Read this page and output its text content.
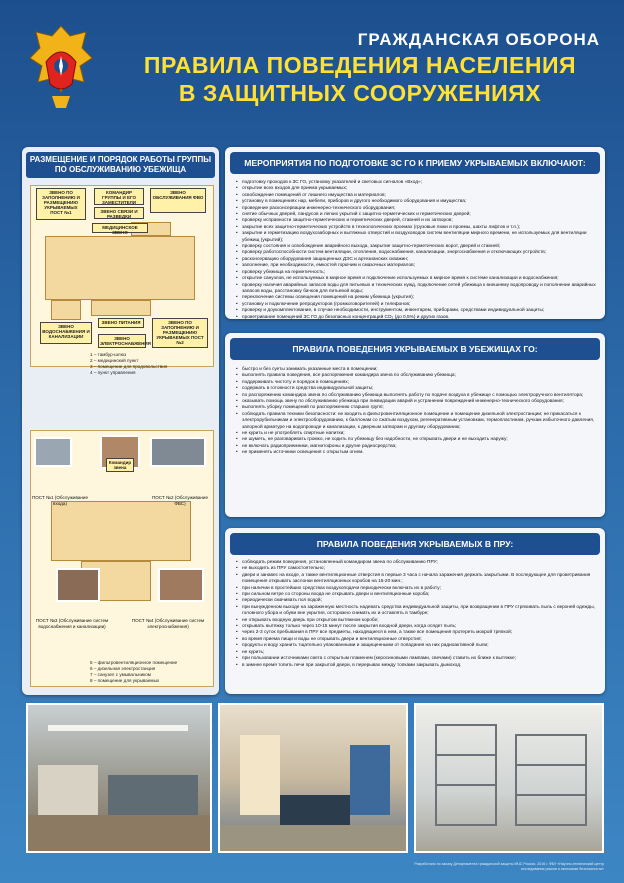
ГРАЖДАНСКАЯ ОБОРОНА
ПРАВИЛА ПОВЕДЕНИЯ НАСЕЛЕНИЯ
В ЗАЩИТНЫХ СООРУЖЕНИЯХ
РАЗМЕЩЕНИЕ И ПОРЯДОК РАБОТЫ ГРУППЫ ПО ОБСЛУЖИВАНИЮ УБЕЖИЩА
ЗВЕНО ПО ЗАПОЛНЕНИЮ И РАЗМЕЩЕНИЮ УКРЫВАЕМЫХ ПОСТ №1
КОМАНДИР ГРУППЫ И ЕГО ЗАМЕСТИТЕЛИ
ЗВЕНО СВЯЗИ И РАЗВЕДКИ
ЗВЕНО ОБСЛУЖИВАНИЯ ФВО
МЕДИЦИНСКОЕ ЗВЕНО
ЗВЕНО ВОДОСНАБЖЕНИЯ И КАНАЛИЗАЦИИ
ЗВЕНО ПИТАНИЯ
ЗВЕНО ЭЛЕКТРОСНАБЖЕНИЯ
ЗВЕНО ПО ЗАПОЛНЕНИЮ И РАЗМЕЩЕНИЮ УКРЫВАЕМЫХ ПОСТ №2
1 – тамбур-шлюз
2 – медицинский пункт
3 – помещение для продовольствия
4 – пункт управления
Командир звена
ПОСТ №1 (Обслуживание входа)
ПОСТ №2 (Обслуживание ФВС)
ПОСТ №3 (Обслуживание систем водоснабжения и канализации)
ПОСТ №4 (Обслуживание систем электроснабжения)
5 – фильтровентиляционное помещение
6 – дизельная электростанция
7 – санузел с умывальником
8 – помещение для укрываемых
МЕРОПРИЯТИЯ ПО ПОДГОТОВКЕ ЗС ГО К ПРИЕМУ УКРЫВАЕМЫХ ВКЛЮЧАЮТ:
• подготовку проходов к ЗС ГО, установку указателей и световых сигналов «Вход»;
• открытие всех входов для приема укрываемых;
• освобождение помещений от лишнего имущества и материалов;
• установку в помещениях нар, мебели, приборов и другого необходимого оборудования и имущества;
• проведение расконсервации инженерно-технического оборудования;
• снятие обычных дверей, ландусов и легких укрытий с защитно-герметических и герметических дверей;
• проверку исправности защитно-герметических и герметических дверей, ставней и их затворов;
• закрытие всех защитно-герметических устройств в технологических проемах (грузовые люки и проемы, шахты лифтов и т.п.);
• закрытие и герметизацию воздухозаборных и вытяжных отверстий и воздуховодов систем вентиляции мирного времени, не используемых для вентиляции убежищ (укрытий);
• проверку состояния и освобождение аварийного выхода, закрытие защитно-герметических ворот, дверей и ставней;
• проверку работоспособности систем вентиляции, отопления, водоснабжения, канализации, энергоснабжения и отключающих устройств;
• расконсервацию оборудования защищенных ДЭС и артезианских скважин;
• заполнение, при необходимости, емкостей горючим и смазочных материалов;
• проверку убежища на герметичность;
• открытие санузлов, не используемых в мирное время и подключение используемых в мирное время к системе канализации и водоснабжения;
• проверку наличия аварийных запасов воды для питьевых и технических нужд, подключение сетей убежища к внешнему водопроводу и пополнение аварийных запасов воды, расстановку бачков для питьевой воды;
• переключение системы освещения помещений на режим убежища (укрытия);
• установку и подключение репродукторов (громкоговорителей) и телефонов;
• проверку и доукомплектование, в случае необходимости, инструментом, инвентарем, приборами, средствами индивидуальной защиты;
• проветривание помещений ЗС ГО до безопасных концентраций СО₂ (до 0,5%) и других газов.
ПРАВИЛА ПОВЕДЕНИЯ УКРЫВАЕМЫХ В УБЕЖИЩАХ ГО:
• быстро и без суеты занимать указанные места в помещении;
• выполнять правила поведения, все распоряжения командира звена по обслуживанию убежища;
• поддерживать чистоту и порядок в помещениях;
• содержать в готовности средства индивидуальной защиты;
• по распоряжению командира звена по обслуживанию убежища выполнять работу по подаче воздуха в убежище с помощью электроручного вентилятора;
• оказывать помощь звену по обслуживанию убежища при ликвидации аварий и устранении повреждений инженерно-технического оборудования;
• выполнять уборку помещений по распоряжению старших групп;
• соблюдать правила техники безопасности: не входить в фильтровентиляционное помещение и помещение дизельной электростанции; не прикасаться к электрорубильникам и электрооборудованию, к баллонам со сжатым воздухом, регенеративным установкам, термопластинам, ручкам избыточного давления, запорной арматуре на водопроводе и канализации, к дверным затворам и другому оборудованию;
• не курить и не употреблять спиртные напитки;
• не шуметь, не разговаривать громко, не ходить по убежищу без надобности, не открывать двери и не выходить наружу;
• не включать радиоприемники, магнитофоны и другие радиосредства;
• не применять источники освещения с открытым огнем.
ПРАВИЛА ПОВЕДЕНИЯ УКРЫВАЕМЫХ В ПРУ:
• соблюдать режим поведения, установленный командиром звена по обслуживанию ПРУ;
• не выходить из ПРУ самостоятельно;
• двери и занавес на входе, а также вентиляционные отверстия в первые 3 часа с начала заражения держать закрытыми. В последующее для проветривания помещения открывать заслонки вентиляционных коробов на 15-20 мин.;
• при наличии в простейших средствах воздухоподачи периодически включать их в работу;
• при сильном ветре со стороны входа не открывать двери и вентиляционные короба;
• периодически смачивать пол водой;
• при вынужденном выходе на зараженную местность надевать средства индивидуальной защиты, при возвращении в ПРУ стряхивать пыль с верхней одежды, головного убора и обуви вне укрытия, осторожно снимать их и оставлять в тамбуре;
• не открывать входную дверь при открытом вытяжном коробе;
• открывать вытяжку только через 10-15 минут после закрытия входной двери, когда осядет пыль;
• через 2-3 суток пребывания в ПРУ все предметы, находящиеся в нем, а также все помещения протереть мокрой тряпкой;
• во время приема пищи и воды не открывать двери и вентиляционные отверстия;
• продукты и воду хранить тщательно упакованными и защищенными от попадания на них радиоактивной пыли;
• не курить;
• при пользовании источниками света с открытым пламенем (керосиновыми лампами, свечами) ставить их ближе к вытяжке;
• в зимнее время топить печи при закрытой двери, в перерывах между топками закрывать дымоход.
Разработано по заказу Департамента гражданской защиты МЧС России, 2016 г. ФБУ «Научно-технический центр исследования рисков и экономики безопасности»
